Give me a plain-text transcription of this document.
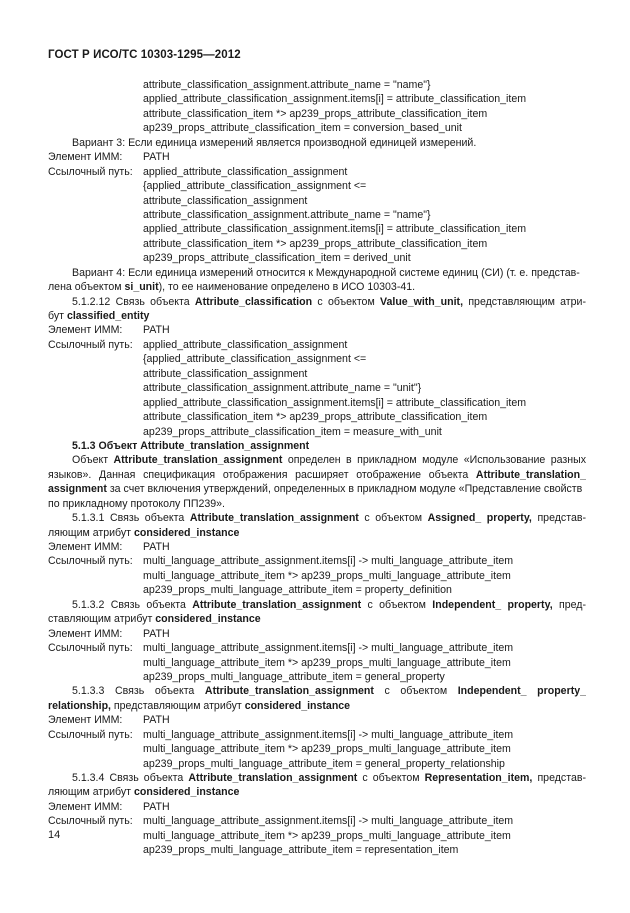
ГОСТ Р ИСО/ТС 10303-1295—2012
attribute_classification_assignment.attribute_name = "name"}
applied_attribute_classification_assignment.items[i] = attribute_classification_item
attribute_classification_item *> ap239_props_attribute_classification_item
ap239_props_attribute_classification_item = conversion_based_unit
Вариант 3: Если единица измерений является производной единицей измерений.
Элемент ИММ:	PATH
Ссылочный путь: applied_attribute_classification_assignment
{applied_attribute_classification_assignment <=
attribute_classification_assignment
attribute_classification_assignment.attribute_name = "name"}
applied_attribute_classification_assignment.items[i] = attribute_classification_item
attribute_classification_item *> ap239_props_attribute_classification_item
ap239_props_attribute_classification_item = derived_unit
Вариант 4: Если единица измерений относится к Международной системе единиц (СИ) (т. е. представ-
лена объектом si_unit), то ее наименование определено в ИСО 10303-41.
5.1.2.12 Связь объекта Attribute_classification с объектом Value_with_unit, представляющим атри-
бут classified_entity
Элемент ИММ:	PATH
Ссылочный путь: applied_attribute_classification_assignment
{applied_attribute_classification_assignment <=
attribute_classification_assignment
attribute_classification_assignment.attribute_name = "unit"}
applied_attribute_classification_assignment.items[i] = attribute_classification_item
attribute_classification_item *> ap239_props_attribute_classification_item
ap239_props_attribute_classification_item = measure_with_unit
5.1.3 Объект Attribute_translation_assignment
Объект Attribute_translation_assignment определен в прикладном модуле «Использование разных
языков». Данная спецификация отображения расширяет отображение объекта Attribute_translation_
assignment за счет включения утверждений, определенных в прикладном модуле «Представление свойств
по прикладному протоколу ПП239».
5.1.3.1 Связь объекта Attribute_translation_assignment с объектом Assigned_ property, представ-
ляющим атрибут considered_instance
Элемент ИММ:	PATH
Ссылочный путь: multi_language_attribute_assignment.items[i] -> multi_language_attribute_item
multi_language_attribute_item *> ap239_props_multi_language_attribute_item
ap239_props_multi_language_attribute_item = property_definition
5.1.3.2 Связь объекта Attribute_translation_assignment с объектом Independent_ property, пред-
ставляющим атрибут considered_instance
Элемент ИММ:	PATH
Ссылочный путь: multi_language_attribute_assignment.items[i] -> multi_language_attribute_item
multi_language_attribute_item *> ap239_props_multi_language_attribute_item
ap239_props_multi_language_attribute_item = general_property
5.1.3.3 Связь объекта Attribute_translation_assignment с объектом Independent_ property_
relationship, представляющим атрибут considered_instance
Элемент ИММ:	PATH
Ссылочный путь: multi_language_attribute_assignment.items[i] -> multi_language_attribute_item
multi_language_attribute_item *> ap239_props_multi_language_attribute_item
ap239_props_multi_language_attribute_item = general_property_relationship
5.1.3.4 Связь объекта Attribute_translation_assignment с объектом Representation_item, представ-
ляющим атрибут considered_instance
Элемент ИММ:	PATH
Ссылочный путь: multi_language_attribute_assignment.items[i] -> multi_language_attribute_item
multi_language_attribute_item *> ap239_props_multi_language_attribute_item
ap239_props_multi_language_attribute_item = representation_item
14
